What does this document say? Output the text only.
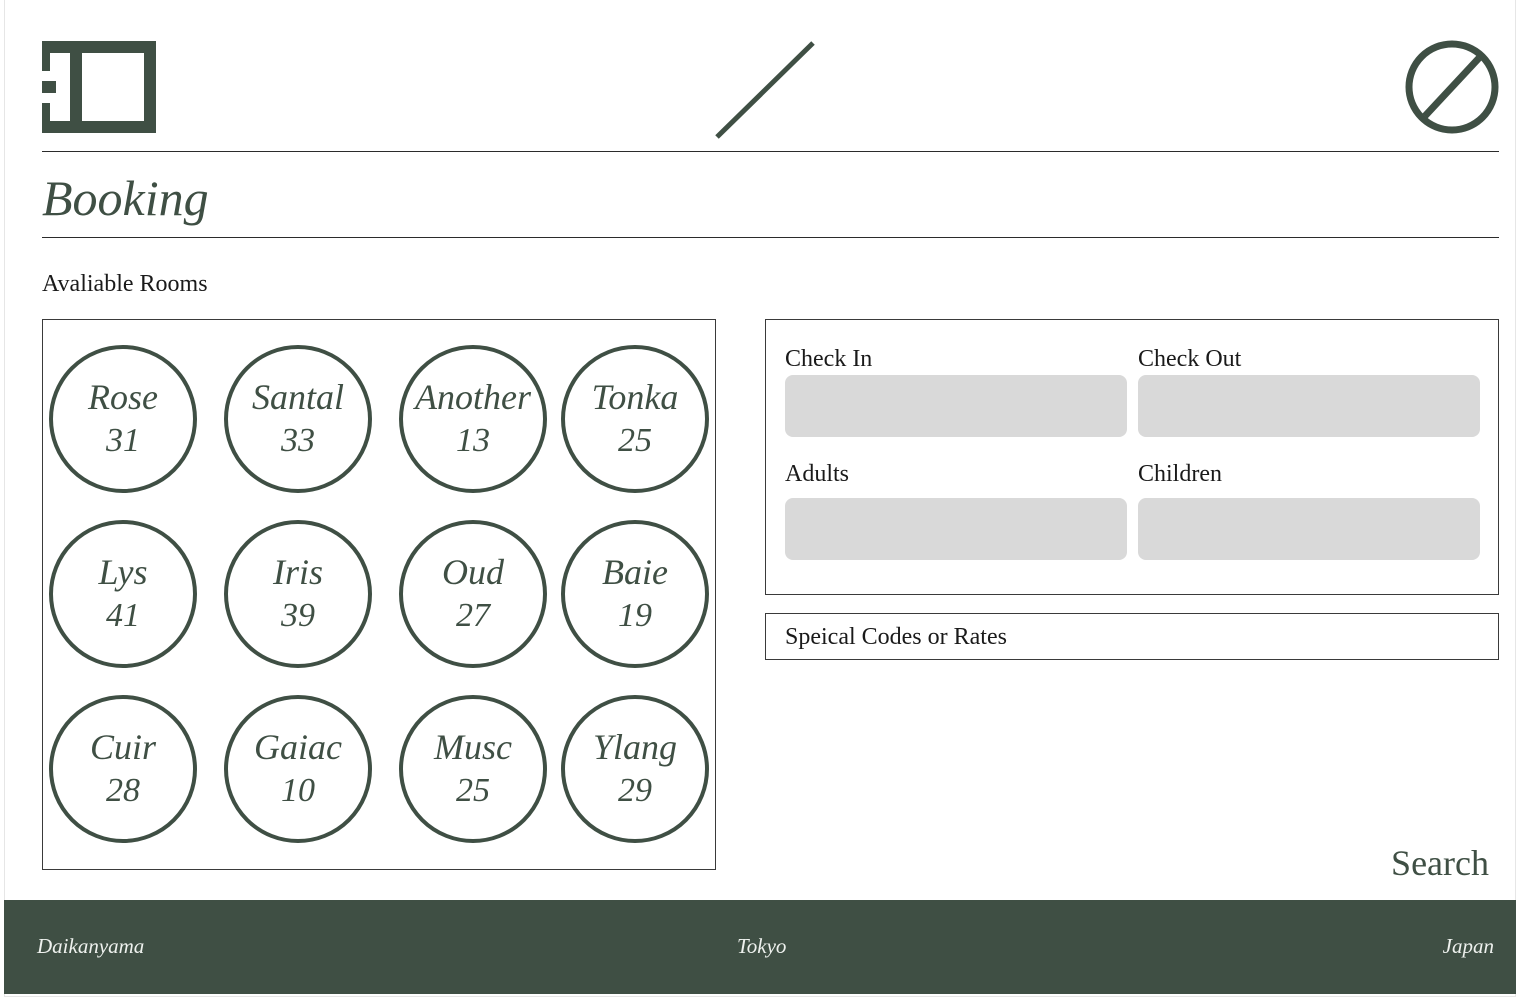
Booking
Avaliable Rooms
Rose
31
Santal
33
Another
13
Tonka
25
Lys
41
Iris
39
Oud
27
Baie
19
Cuir
28
Gaiac
10
Musc
25
Ylang
29
Check In	Check Out
Adults	Children
Speical Codes or Rates
Search
Daikanyama	Tokyo	Japan
